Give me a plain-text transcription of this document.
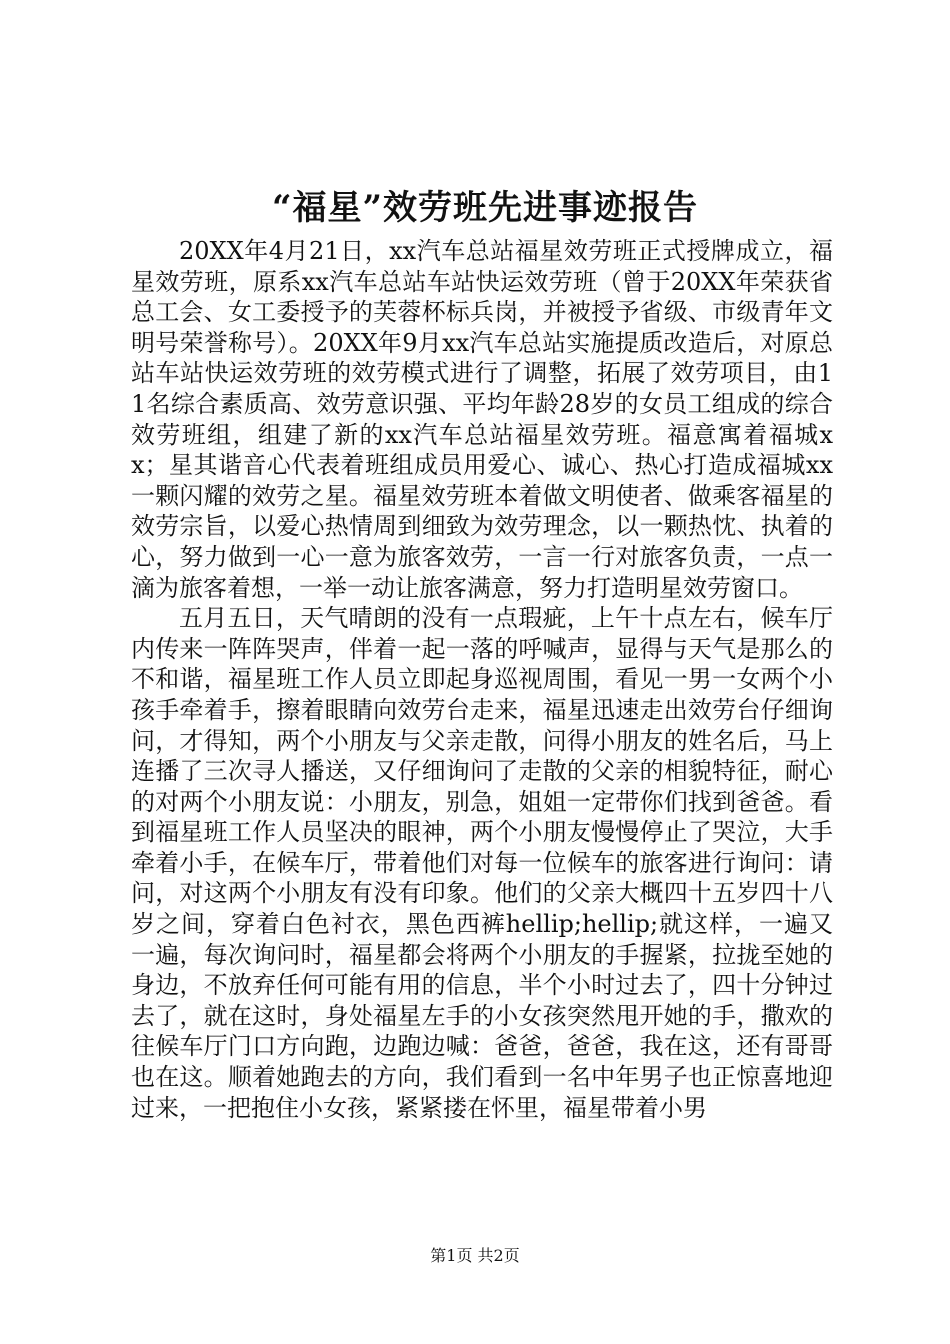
“福星”效劳班先进事迹报告

20XX年4月21日，xx汽车总站福星效劳班正式授牌成立，福星效劳班，原系xx汽车总站车站快运效劳班（曾于20XX年荣获省总工会、女工委授予的芙蓉杯标兵岗，并被授予省级、市级青年文明号荣誉称号）。20XX年9月xx汽车总站实施提质改造后，对原总站车站快运效劳班的效劳模式进行了调整，拓展了效劳项目，由11名综合素质高、效劳意识强、平均年龄28岁的女员工组成的综合效劳班组，组建了新的xx汽车总站福星效劳班。福意寓着福城xx；星其谐音心代表着班组成员用爱心、诚心、热心打造成福城xx一颗闪耀的效劳之星。福星效劳班本着做文明使者、做乘客福星的效劳宗旨，以爱心热情周到细致为效劳理念，以一颗热忱、执着的心，努力做到一心一意为旅客效劳，一言一行对旅客负责，一点一滴为旅客着想，一举一动让旅客满意，努力打造明星效劳窗口。

五月五日，天气晴朗的没有一点瑕疵，上午十点左右，候车厅内传来一阵阵哭声，伴着一起一落的呼喊声，显得与天气是那么的不和谐，福星班工作人员立即起身巡视周围，看见一男一女两个小孩手牵着手，擦着眼睛向效劳台走来，福星迅速走出效劳台仔细询问，才得知，两个小朋友与父亲走散，问得小朋友的姓名后，马上连播了三次寻人播送，又仔细询问了走散的父亲的相貌特征，耐心的对两个小朋友说：小朋友，别急，姐姐一定带你们找到爸爸。看到福星班工作人员坚决的眼神，两个小朋友慢慢停止了哭泣，大手牵着小手，在候车厅，带着他们对每一位候车的旅客进行询问：请问，对这两个小朋友有没有印象。他们的父亲大概四十五岁四十八岁之间，穿着白色衬衣，黑色西裤hellip;hellip;就这样，一遍又一遍，每次询问时，福星都会将两个小朋友的手握紧，拉拢至她的身边，不放弃任何可能有用的信息，半个小时过去了，四十分钟过去了，就在这时，身处福星左手的小女孩突然甩开她的手，撒欢的往候车厅门口方向跑，边跑边喊：爸爸，爸爸，我在这，还有哥哥也在这。顺着她跑去的方向，我们看到一名中年男子也正惊喜地迎过来，一把抱住小女孩，紧紧搂在怀里，福星带着小男

第1页 共2页
